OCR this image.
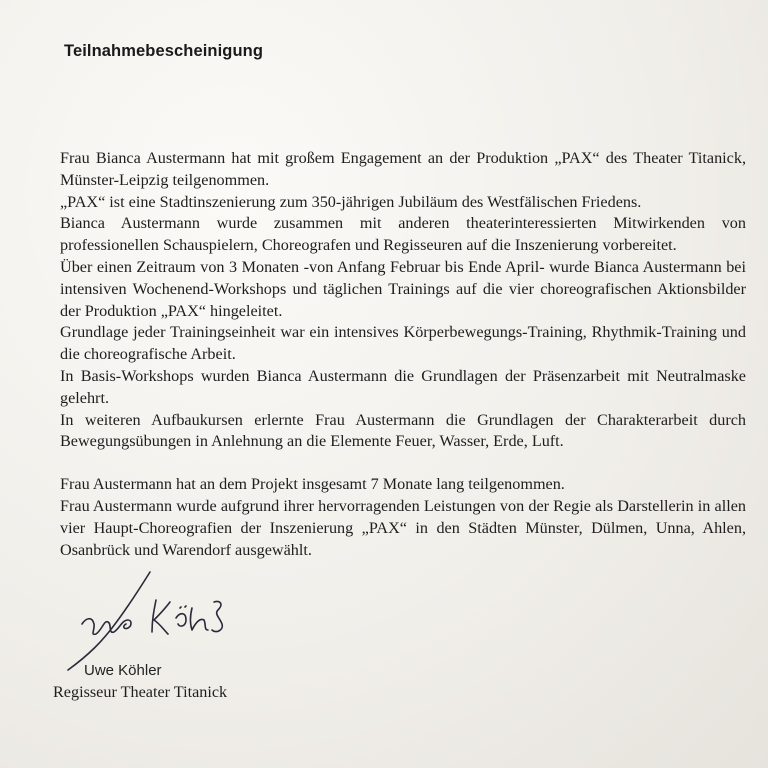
Teilnahmebescheinigung

Frau Bianca Austermann hat mit großem Engagement an der Produktion „PAX“ des Theater Titanick, Münster-Leipzig teilgenommen.

„PAX“ ist eine Stadtinszenierung zum 350-jährigen Jubiläum des Westfälischen Friedens.

Bianca Austermann wurde zusammen mit anderen theaterinteressierten Mitwirkenden von professionellen Schauspielern, Choreografen und Regisseuren auf die Inszenierung vorbereitet.

Über einen Zeitraum von 3 Monaten -von Anfang Februar bis Ende April- wurde Bianca Austermann bei intensiven Wochenend-Workshops und täglichen Trainings auf die vier choreografischen Aktionsbilder der Produktion „PAX“ hingeleitet.

Grundlage jeder Trainingseinheit war ein intensives Körperbewegungs-Training, Rhythmik-Training und die choreografische Arbeit.

In Basis-Workshops wurden Bianca Austermann die Grundlagen der Präsenzarbeit mit Neutralmaske gelehrt.

In weiteren Aufbaukursen erlernte Frau Austermann die Grundlagen der Charakterarbeit durch Bewegungsübungen in Anlehnung an die Elemente Feuer, Wasser, Erde, Luft.

Frau Austermann hat an dem Projekt insgesamt 7 Monate lang teilgenommen.

Frau Austermann wurde aufgrund ihrer hervorragenden Leistungen von der Regie als Darstellerin in allen vier Haupt-Choreografien der Inszenierung „PAX“ in den Städten Münster, Dülmen, Unna, Ahlen, Osanbrück und Warendorf ausgewählt.

Uwe Köhler
Regisseur Theater Titanick
